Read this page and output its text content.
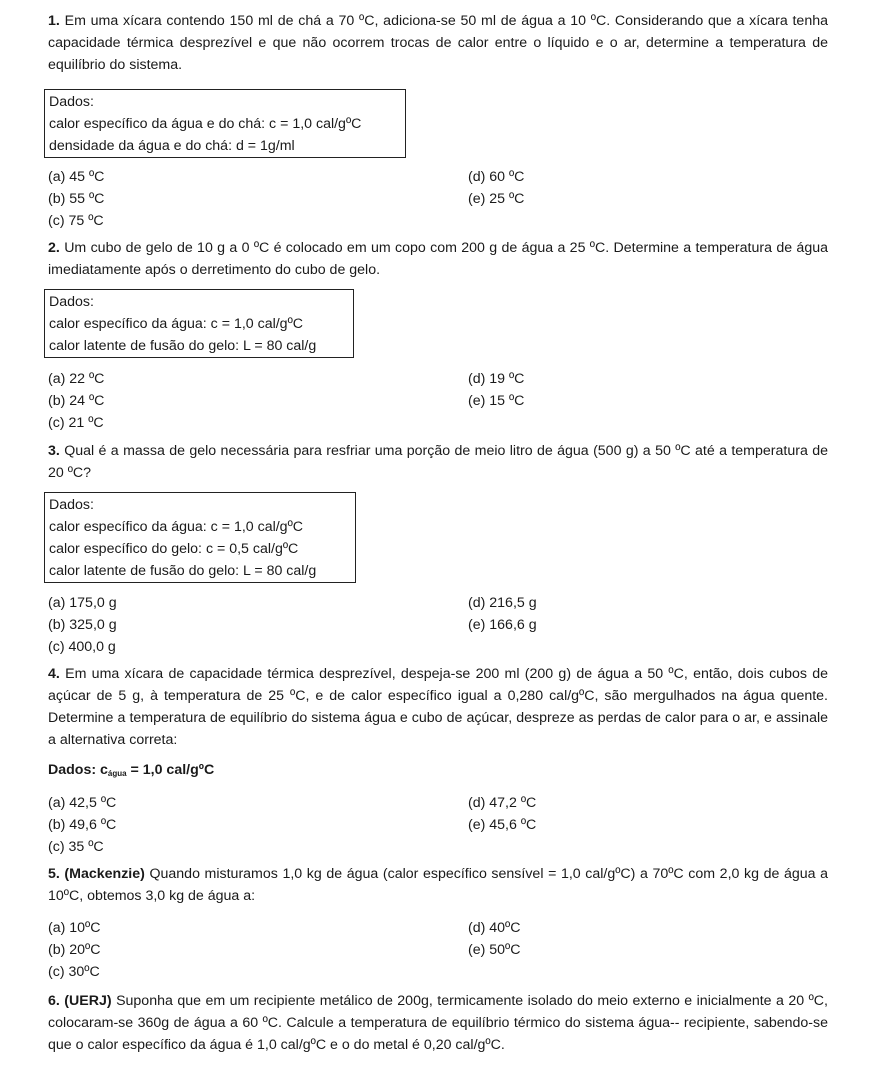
1. Em uma xícara contendo 150 ml de chá a 70 ºC, adiciona-se 50 ml de água a 10 ºC. Considerando que a xícara tenha capacidade térmica desprezível e que não ocorrem trocas de calor entre o líquido e o ar, determine a temperatura de equilíbrio do sistema.

Dados:
calor específico da água e do chá: c = 1,0 cal/gºC
densidade da água e do chá: d = 1g/ml
(a) 45 ºC
(b) 55 ºC
(c) 75 ºC
(d) 60 ºC
(e) 25 ºC

2. Um cubo de gelo de 10 g a 0 ºC é colocado em um copo com 200 g de água a 25 ºC. Determine a temperatura de água imediatamente após o derretimento do cubo de gelo.

Dados:
calor específico da água: c = 1,0 cal/gºC
calor latente de fusão do gelo: L = 80 cal/g
(a) 22 ºC
(b) 24 ºC
(c) 21 ºC
(d) 19 ºC
(e) 15 ºC

3. Qual é a massa de gelo necessária para resfriar uma porção de meio litro de água (500 g) a 50 ºC até a temperatura de 20 ºC?

Dados:
calor específico da água: c = 1,0 cal/gºC
calor específico do gelo: c = 0,5 cal/gºC
calor latente de fusão do gelo: L = 80 cal/g
(a) 175,0 g
(b) 325,0 g
(c) 400,0 g
(d) 216,5 g
(e) 166,6 g

4. Em uma xícara de capacidade térmica desprezível, despeja-se 200 ml (200 g) de água a 50 ºC, então, dois cubos de açúcar de 5 g, à temperatura de 25 ºC, e de calor específico igual a 0,280 cal/gºC, são mergulhados na água quente. Determine a temperatura de equilíbrio do sistema água e cubo de açúcar, despreze as perdas de calor para o ar, e assinale a alternativa correta:

Dados: $c_{água} = 1,0$ cal/gºC
(a) 42,5 ºC
(b) 49,6 ºC
(c) 35 ºC
(d) 47,2 ºC
(e) 45,6 ºC

5. (Mackenzie) Quando misturamos 1,0 kg de água (calor específico sensível = 1,0 cal/gºC) a 70ºC com 2,0 kg de água a 10ºC, obtemos 3,0 kg de água a:

(a) 10ºC
(b) 20ºC
(c) 30ºC
(d) 40ºC
(e) 50ºC

6. (UERJ) Suponha que em um recipiente metálico de 200g, termicamente isolado do meio externo e inicialmente a 20 ºC, colocaram-se 360g de água a 60 ºC. Calcule a temperatura de equilíbrio térmico do sistema água-- recipiente, sabendo-se que o calor específico da água é 1,0 cal/gºC e o do metal é 0,20 cal/gºC.
